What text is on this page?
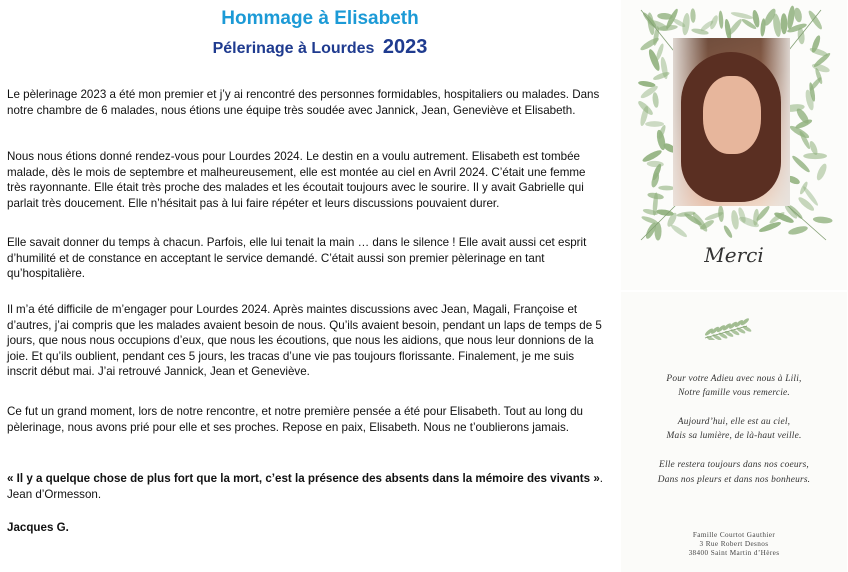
Hommage à Elisabeth
Pélerinage à Lourdes 2023
Le pèlerinage 2023 a été mon premier et j’y ai rencontré des personnes formidables, hospitaliers ou malades. Dans notre chambre de 6 malades, nous étions une équipe très soudée avec Jannick, Jean, Geneviève et Elisabeth.
Nous nous étions donné rendez-vous pour Lourdes 2024. Le destin en a voulu autrement. Elisabeth est tombée malade, dès le mois de septembre et malheureusement, elle est montée au ciel en Avril 2024. C’était une femme très rayonnante. Elle était très proche des malades et les écoutait toujours avec le sourire. Il y avait Gabrielle qui parlait très doucement. Elle n’hésitait pas à lui faire répéter et leurs discussions pouvaient durer.
Elle savait donner du temps à chacun. Parfois, elle lui tenait la main … dans le silence ! Elle avait aussi cet esprit d’humilité et de constance en acceptant le service demandé. C’était aussi son premier pèlerinage en tant qu’hospitalière.
Il m’a été difficile de m’engager pour Lourdes 2024. Après maintes discussions avec Jean, Magali, Françoise et d’autres, j’ai compris que les malades avaient besoin de nous. Qu’ils avaient besoin, pendant un laps de temps de 5 jours, que nous nous occupions d’eux, que nous les écoutions, que nous les aidions, que nous leur donnions de la joie. Et qu’ils oublient, pendant ces 5 jours, les tracas d’une vie pas toujours florissante. Finalement, je me suis inscrit début mai. J’ai retrouvé Jannick, Jean et Geneviève.
Ce fut un grand moment, lors de notre rencontre, et notre première pensée a été pour Elisabeth. Tout au long du pèlerinage, nous avons prié pour elle et ses proches. Repose en paix, Elisabeth. Nous ne t’oublierons jamais.
« Il y a quelque chose de plus fort que la mort, c’est la présence des absents dans la mémoire des vivants ». Jean d’Ormesson.
Jacques G.
Merci
Pour votre Adieu avec nous à Lili,
Notre famille vous remercie.
Aujourd’hui, elle est au ciel,
Mais sa lumière, de là-haut veille.
Elle restera toujours dans nos coeurs,
Dans nos pleurs et dans nos bonheurs.
Famille Courtot Gauthier
3 Rue Robert Desnos
38400 Saint Martin d’Hères
